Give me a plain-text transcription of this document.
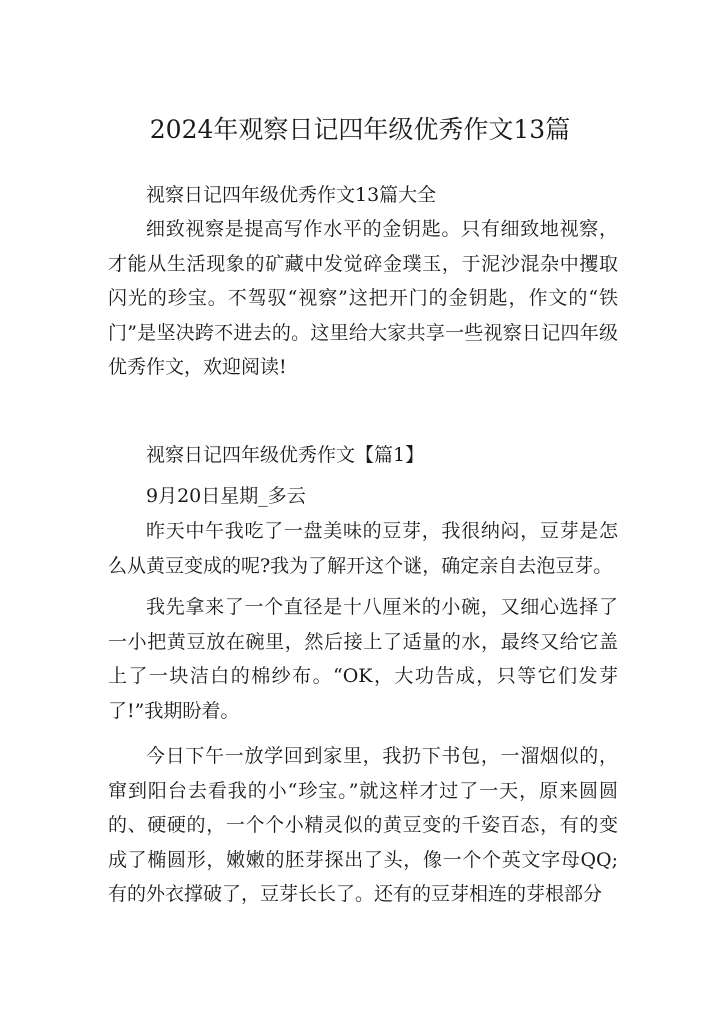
2024年观察日记四年级优秀作文13篇

视察日记四年级优秀作文13篇大全

细致视察是提高写作水平的金钥匙。只有细致地视察，才能从生活现象的矿藏中发觉碎金璞玉，于泥沙混杂中攫取闪光的珍宝。不驾驭“视察”这把开门的金钥匙，作文的“铁门”是坚决跨不进去的。这里给大家共享一些视察日记四年级优秀作文，欢迎阅读!

视察日记四年级优秀作文【篇1】

9月20日星期_多云

昨天中午我吃了一盘美味的豆芽，我很纳闷，豆芽是怎么从黄豆变成的呢?我为了解开这个谜，确定亲自去泡豆芽。

我先拿来了一个直径是十八厘米的小碗，又细心选择了一小把黄豆放在碗里，然后接上了适量的水，最终又给它盖上了一块洁白的棉纱布。“OK，大功告成，只等它们发芽了!”我期盼着。

今日下午一放学回到家里，我扔下书包，一溜烟似的，窜到阳台去看我的小“珍宝。”就这样才过了一天，原来圆圆的、硬硬的，一个个小精灵似的黄豆变的千姿百态，有的变成了椭圆形，嫩嫩的胚芽探出了头，像一个个英文字母QQ;有的外衣撑破了，豆芽长长了。还有的豆芽相连的芽根部分
